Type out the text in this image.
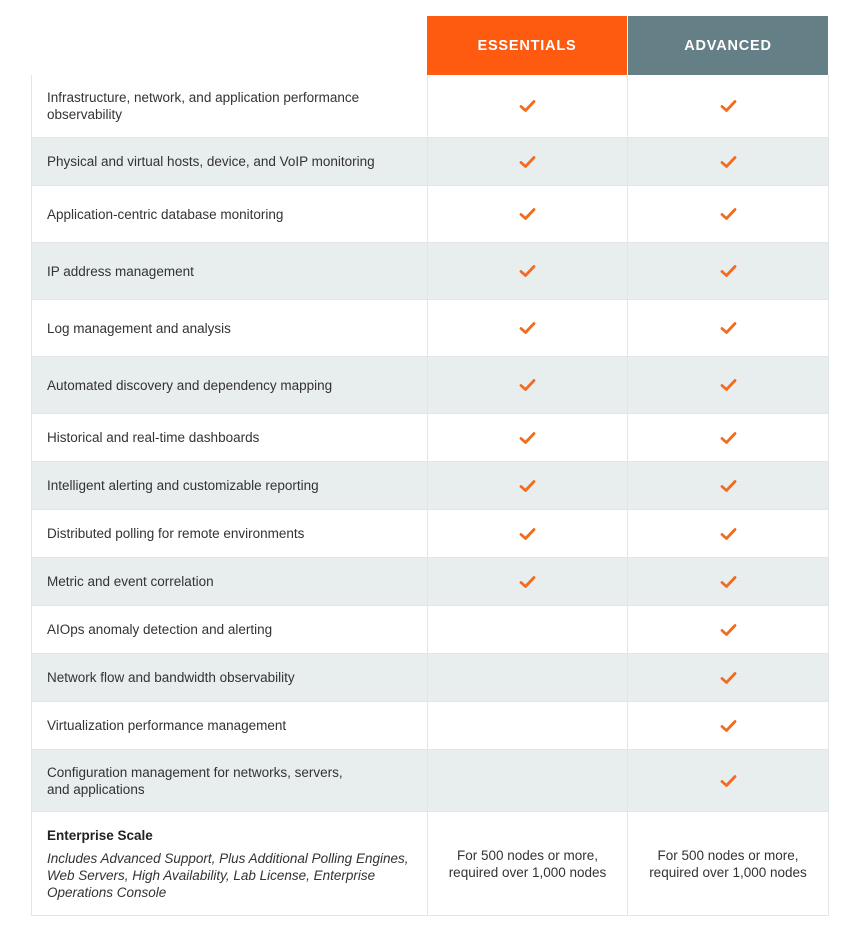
ESSENTIALS	ADVANCED
Infrastructure, network, and application performance observability
Physical and virtual hosts, device, and VoIP monitoring
Application-centric database monitoring
IP address management
Log management and analysis
Automated discovery and dependency mapping
Historical and real-time dashboards
Intelligent alerting and customizable reporting
Distributed polling for remote environments
Metric and event correlation
AIOps anomaly detection and alerting
Network flow and bandwidth observability
Virtualization performance management
Configuration management for networks, servers,
and applications
Enterprise Scale
Includes Advanced Support, Plus Additional Polling Engines, Web Servers, High Availability, Lab License, Enterprise Operations Console
For 500 nodes or more, required over 1,000 nodes
For 500 nodes or more, required over 1,000 nodes
